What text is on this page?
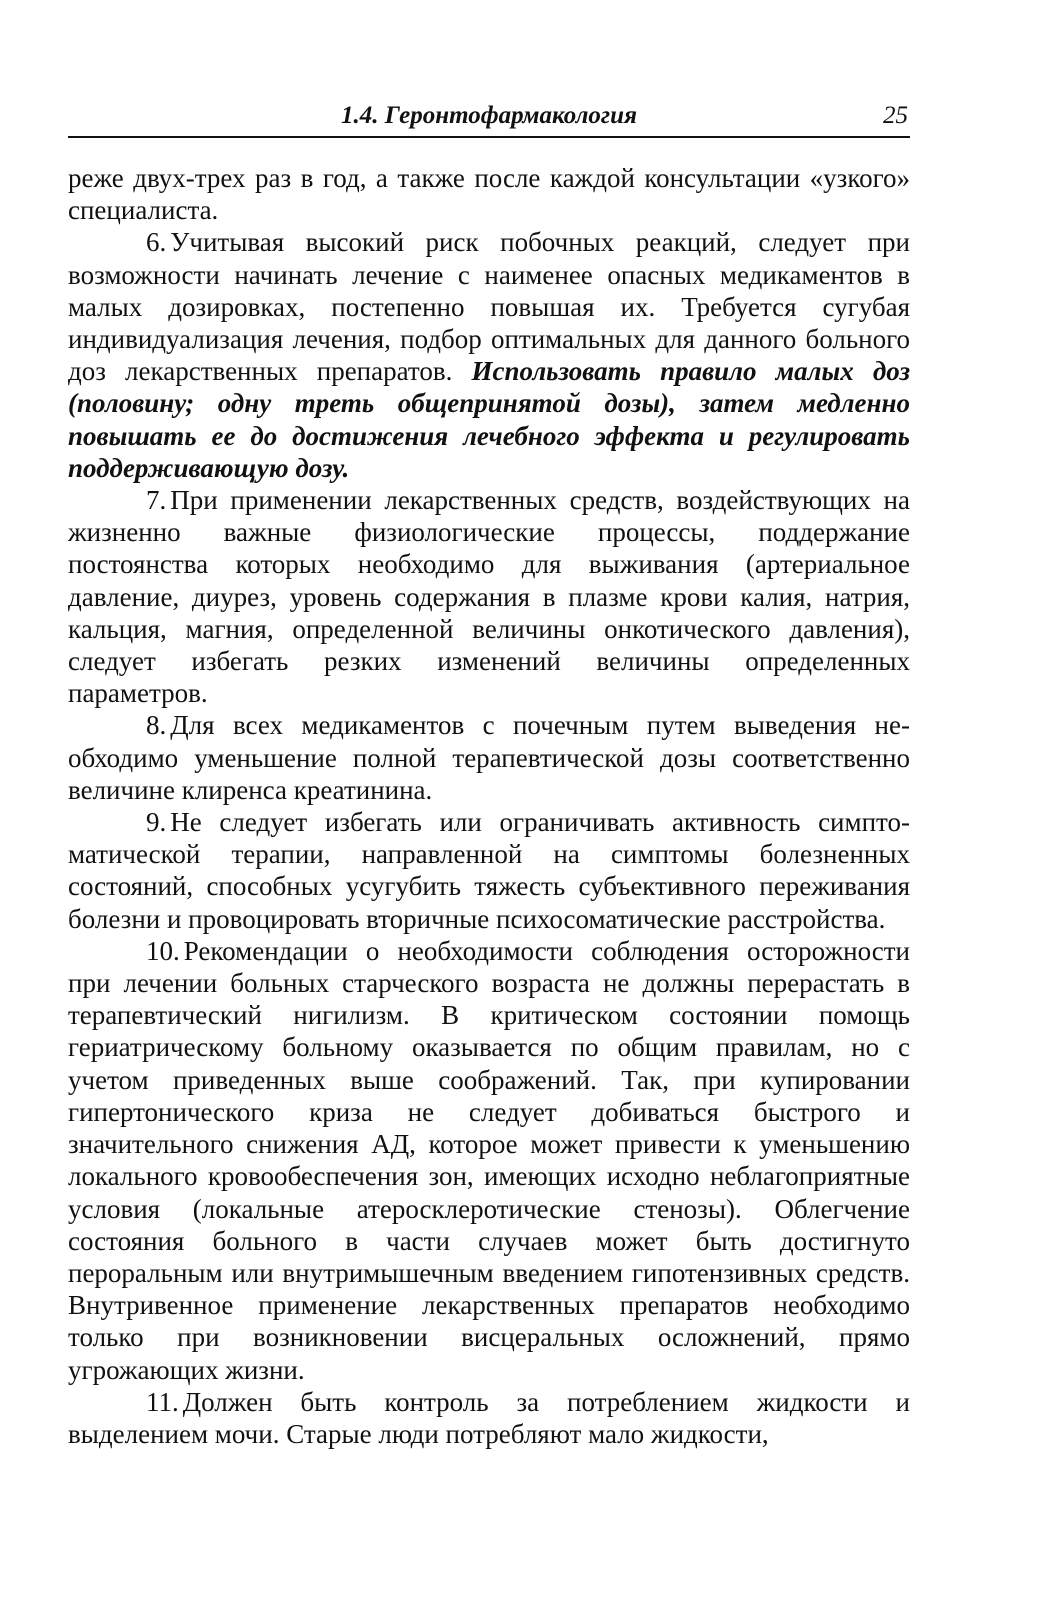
1.4. Геронтофармакология	25

реже двух-трех раз в год, а также после каждой консультации «узкого» специалиста.

6. Учитывая высокий риск побочных реакций, следует при возможности начинать лечение с наименее опасных медикаментов в малых дозировках, постепенно повышая их. Требуется сугубая индивидуализация лечения, подбор оптимальных для данного больного доз лекарственных препаратов. Использовать правило малых доз (половину; одну треть общепринятой дозы), затем медленно повышать ее до достижения лечебного эффекта и регулировать поддерживающую дозу.

7. При применении лекарственных средств, воздействующих на жизненно важные физиологические процессы, поддержание постоянства которых необходимо для выживания (артериальное давление, диурез, уровень содержания в плазме крови калия, натрия, кальция, магния, определенной величины онкотического давления), следует избегать резких изменений величины определенных параметров.

8. Для всех медикаментов с почечным путем выведения необходимо уменьшение полной терапевтической дозы соответственно величине клиренса креатинина.

9. Не следует избегать или ограничивать активность симптоматической терапии, направленной на симптомы болезненных состояний, способных усугубить тяжесть субъективного переживания болезни и провоцировать вторичные психосоматические расстройства.

10. Рекомендации о необходимости соблюдения осторожности при лечении больных старческого возраста не должны перерастать в терапевтический нигилизм. В критическом состоянии помощь гериатрическому больному оказывается по общим правилам, но с учетом приведенных выше соображений. Так, при купировании гипертонического криза не следует добиваться быстрого и значительного снижения АД, которое может привести к уменьшению локального кровообеспечения зон, имеющих исходно неблагоприятные условия (локальные атеросклеротические стенозы). Облегчение состояния больного в части случаев может быть достигнуто пероральным или внутримышечным введением гипотензивных средств. Внутривенное применение лекарственных препаратов необходимо только при возникновении висцеральных осложнений, прямо угрожающих жизни.

11. Должен быть контроль за потреблением жидкости и выделением мочи. Старые люди потребляют мало жидкости,
